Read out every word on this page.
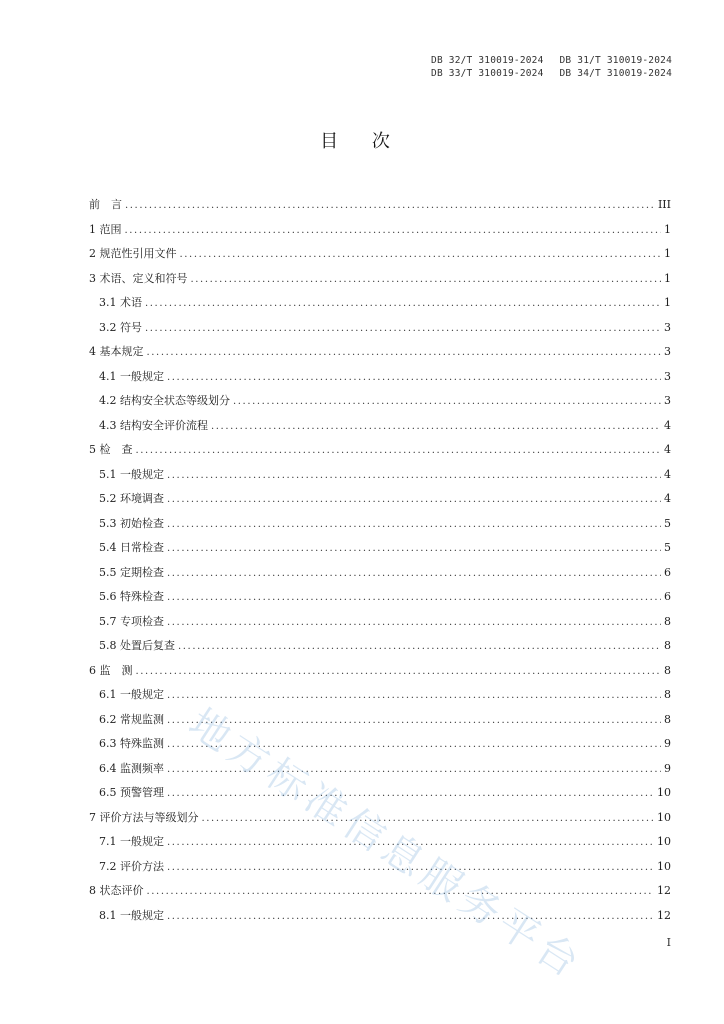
DB 32/T 310019-2024 DB 31/T 310019-2024
DB 33/T 310019-2024 DB 34/T 310019-2024
目 次
前　言 .....	III
1 范围 .....	1
2 规范性引用文件 .....	1
3 术语、定义和符号 .....	1
3.1 术语 .....	1
3.2 符号 .....	3
4 基本规定 .....	3
4.1 一般规定 .....	3
4.2 结构安全状态等级划分 .....	3
4.3 结构安全评价流程 .....	4
5 检　查 .....	4
5.1 一般规定 .....	4
5.2 环境调查 .....	4
5.3 初始检查 .....	5
5.4 日常检查 .....	5
5.5 定期检查 .....	6
5.6 特殊检查 .....	6
5.7 专项检查 .....	8
5.8 处置后复查 .....	8
6 监　测 .....	8
6.1 一般规定 .....	8
6.2 常规监测 .....	8
6.3 特殊监测 .....	9
6.4 监测频率 .....	9
6.5 预警管理 .....	10
7 评价方法与等级划分 .....	10
7.1 一般规定 .....	10
7.2 评价方法 .....	10
8 状态评价 .....	12
8.1 一般规定 .....	12
I
地方标准信息服务平台
